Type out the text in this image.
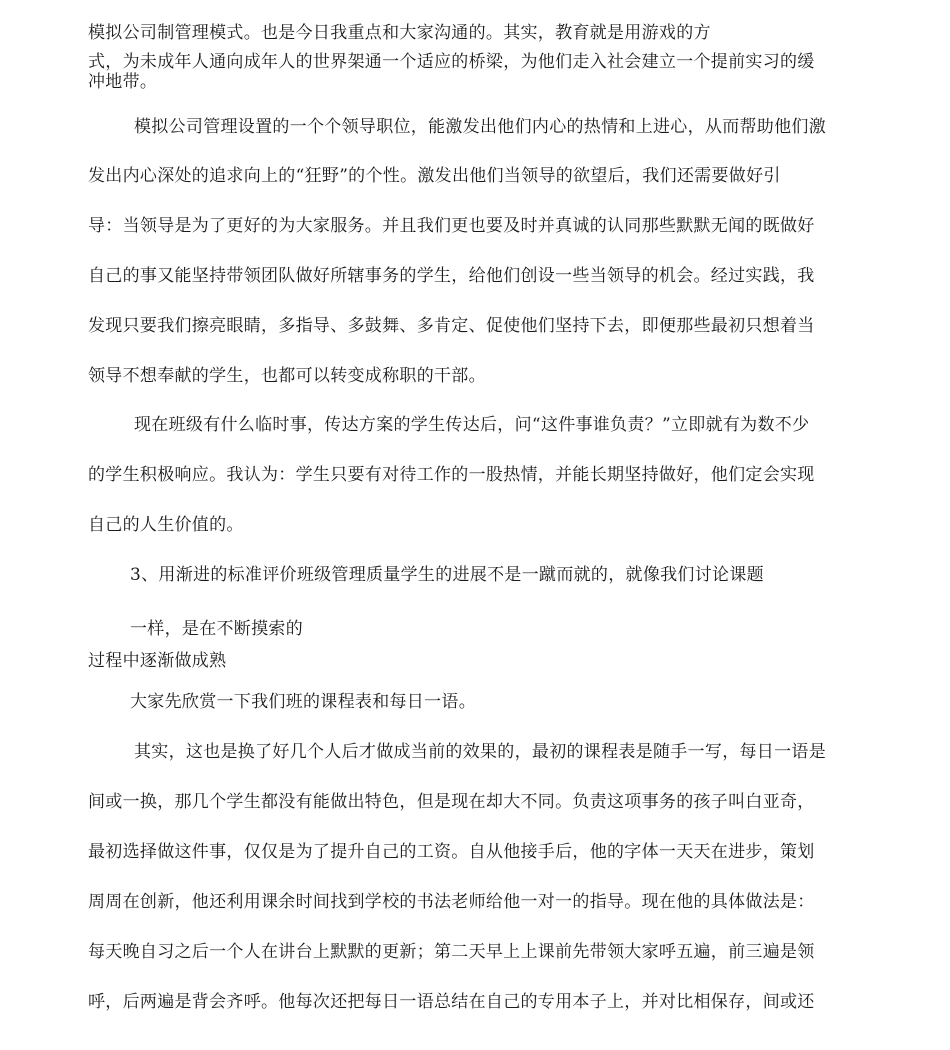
模拟公司制管理模式。也是今日我重点和大家沟通的。其实，教育就是用游戏的方
式，为未成年人通向成年人的世界架通一个适应的桥梁，为他们走入社会建立一个提前实习的缓
冲地带。
模拟公司管理设置的一个个领导职位，能激发出他们内心的热情和上进心，从而帮助他们激
发出内心深处的追求向上的“狂野”的个性。激发出他们当领导的欲望后，我们还需要做好引
导：当领导是为了更好的为大家服务。并且我们更也要及时并真诚的认同那些默默无闻的既做好
自己的事又能坚持带领团队做好所辖事务的学生，给他们创设一些当领导的机会。经过实践，我
发现只要我们擦亮眼睛，多指导、多鼓舞、多肯定、促使他们坚持下去，即便那些最初只想着当
领导不想奉献的学生，也都可以转变成称职的干部。
现在班级有什么临时事，传达方案的学生传达后，问“这件事谁负责？”立即就有为数不少
的学生积极响应。我认为：学生只要有对待工作的一股热情，并能长期坚持做好，他们定会实现
自己的人生价值的。
3、用渐进的标准评价班级管理质量学生的进展不是一蹴而就的，就像我们讨论课题
一样，是在不断摸索的
过程中逐渐做成熟
大家先欣赏一下我们班的课程表和每日一语。
其实，这也是换了好几个人后才做成当前的效果的，最初的课程表是随手一写，每日一语是
间或一换，那几个学生都没有能做出特色，但是现在却大不同。负责这项事务的孩子叫白亚奇，
最初选择做这件事，仅仅是为了提升自己的工资。自从他接手后，他的字体一天天在进步，策划
周周在创新，他还利用课余时间找到学校的书法老师给他一对一的指导。现在他的具体做法是：
每天晚自习之后一个人在讲台上默默的更新；第二天早上上课前先带领大家呼五遍，前三遍是领
呼，后两遍是背会齐呼。他每次还把每日一语总结在自己的专用本子上，并对比相保存，间或还
